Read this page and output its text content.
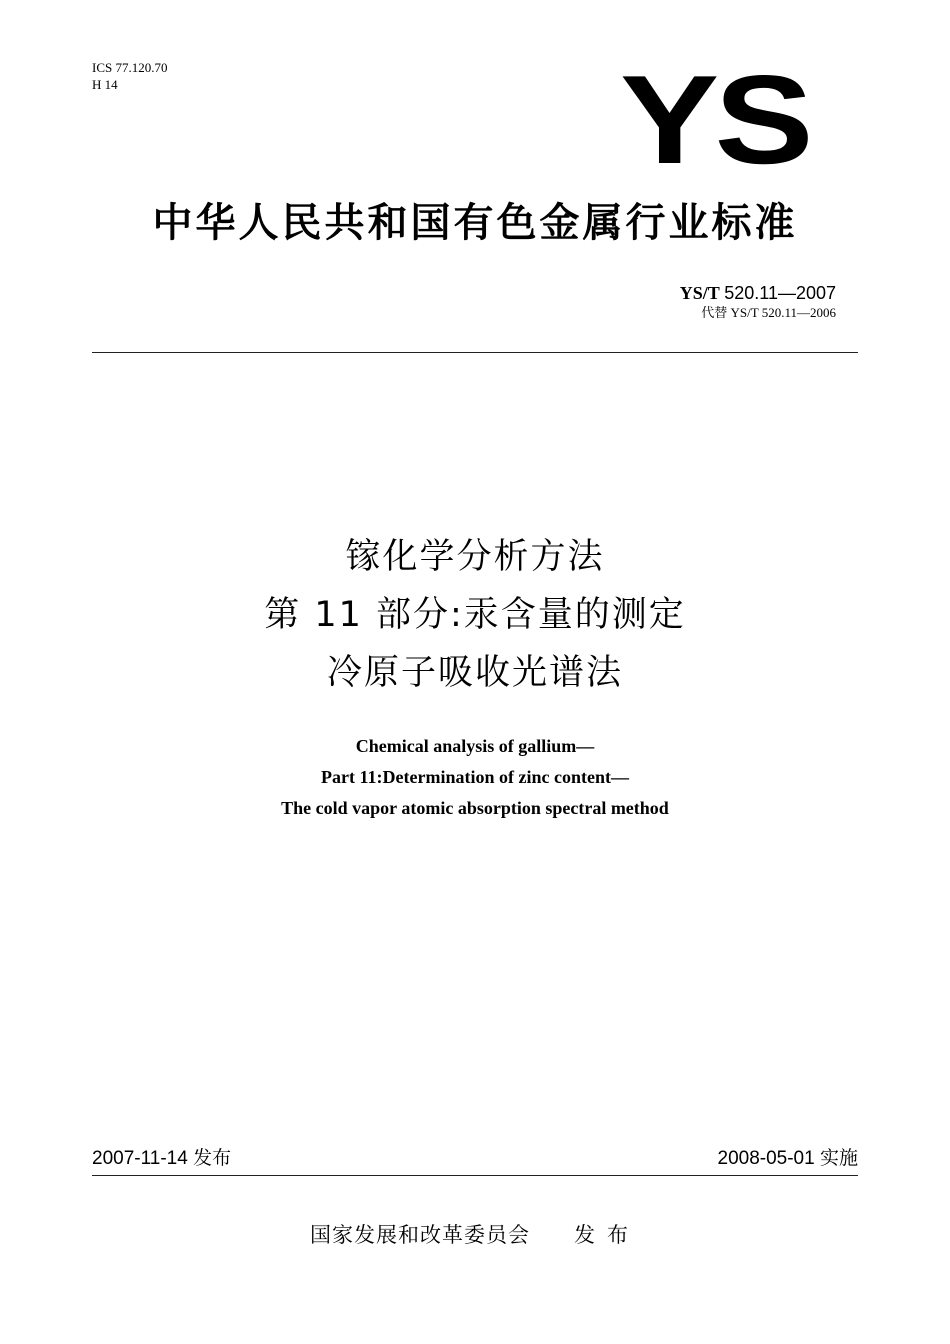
ICS 77.120.70
H 14	YS
中华人民共和国有色金属行业标准
YS/T 520.11—2007
代替 YS/T 520.11—2006
镓化学分析方法
第 11 部分:汞含量的测定
冷原子吸收光谱法
Chemical analysis of gallium—
Part 11:Determination of zinc content—
The cold vapor atomic absorption spectral method
2007-11-14 发布	2008-05-01 实施
国家发展和改革委员会 发布
